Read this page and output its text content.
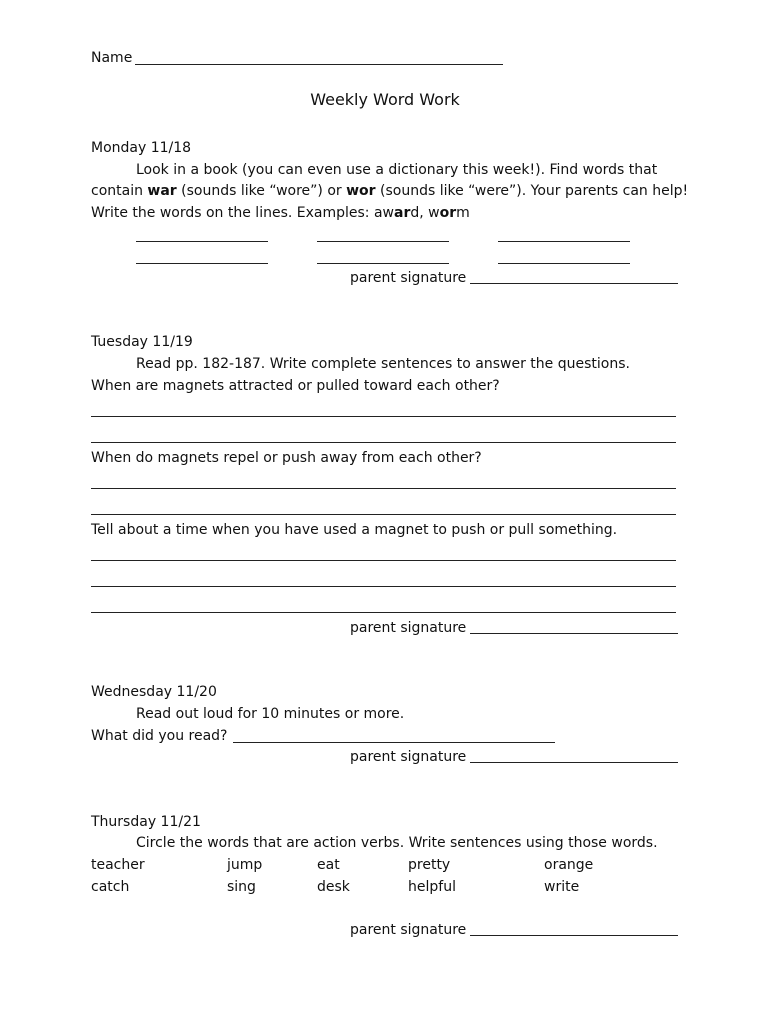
Name
Weekly Word Work
Monday 11/18
Look in a book (you can even use a dictionary this week!). Find words that
contain war (sounds like “wore”) or wor (sounds like “were”). Your parents can help!
Write the words on the lines. Examples: award, worm
parent signature
Tuesday 11/19
Read pp. 182-187. Write complete sentences to answer the questions.
When are magnets attracted or pulled toward each other?
When do magnets repel or push away from each other?
Tell about a time when you have used a magnet to push or pull something.
parent signature
Wednesday 11/20
Read out loud for 10 minutes or more.
What did you read?
parent signature
Thursday 11/21
Circle the words that are action verbs. Write sentences using those words.
teacher	jump	eat	pretty	orange
catch	sing	desk	helpful	write
parent signature
